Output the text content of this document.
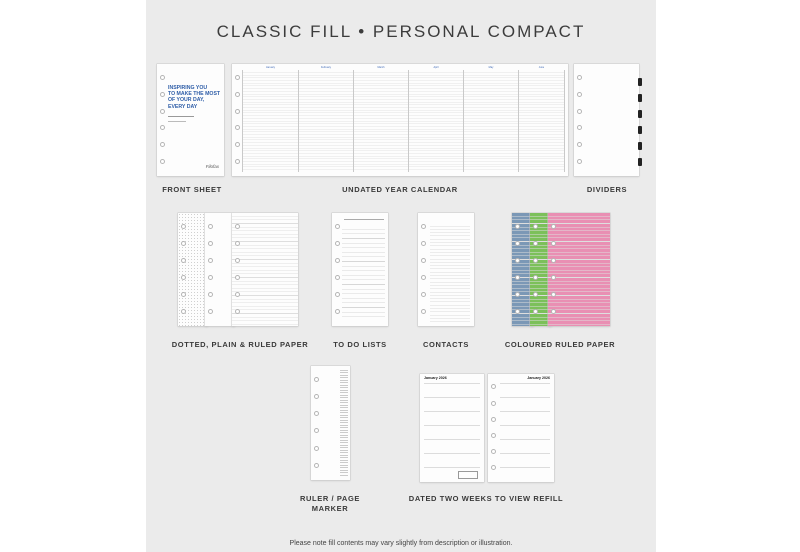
CLASSIC FILL • PERSONAL COMPACT
INSPIRING YOU
TO MAKE THE MOST
OF YOUR DAY,
EVERY DAY
Filofax
January	February	March	April	May	June
FRONT SHEET	UNDATED YEAR CALENDAR	DIVIDERS
DOTTED, PLAIN & RULED PAPER	TO DO LISTS	CONTACTS	COLOURED RULED PAPER
January 2026	January 2026
RULER / PAGE
MARKER
DATED TWO WEEKS TO VIEW REFILL
Please note fill contents may vary slightly from description or illustration.
